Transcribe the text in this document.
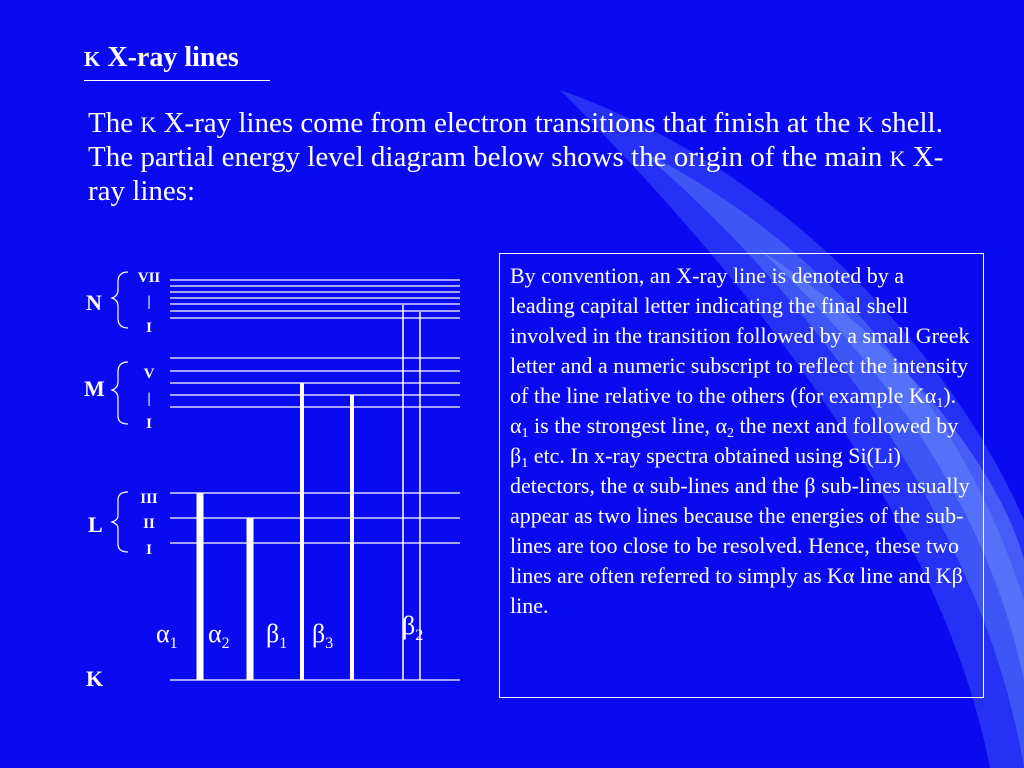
K X-ray lines
The K X-ray lines come from electron transitions that finish at the K shell. The partial energy level diagram below shows the origin of the main K X-ray lines:
N
M
L
K
VII
|
I
V
|
I
III
II
I
$\alpha_1$ $\alpha_2$ $\beta_1$ $\beta_3$
$\beta_2$
By convention, an X-ray line is denoted by a leading capital letter indicating the final shell involved in the transition followed by a small Greek letter and a numeric subscript to reflect the intensity of the line relative to the others (for example $K\alpha_1$). $\alpha_1$ is the strongest line, $\alpha_2$ the next and followed by $\beta_1$ etc. In x-ray spectra obtained using Si(Li) detectors, the α sub-lines and the β sub-lines usually appear as two lines because the energies of the sub-lines are too close to be resolved. Hence, these two lines are often referred to simply as Kα line and Kβ line.
